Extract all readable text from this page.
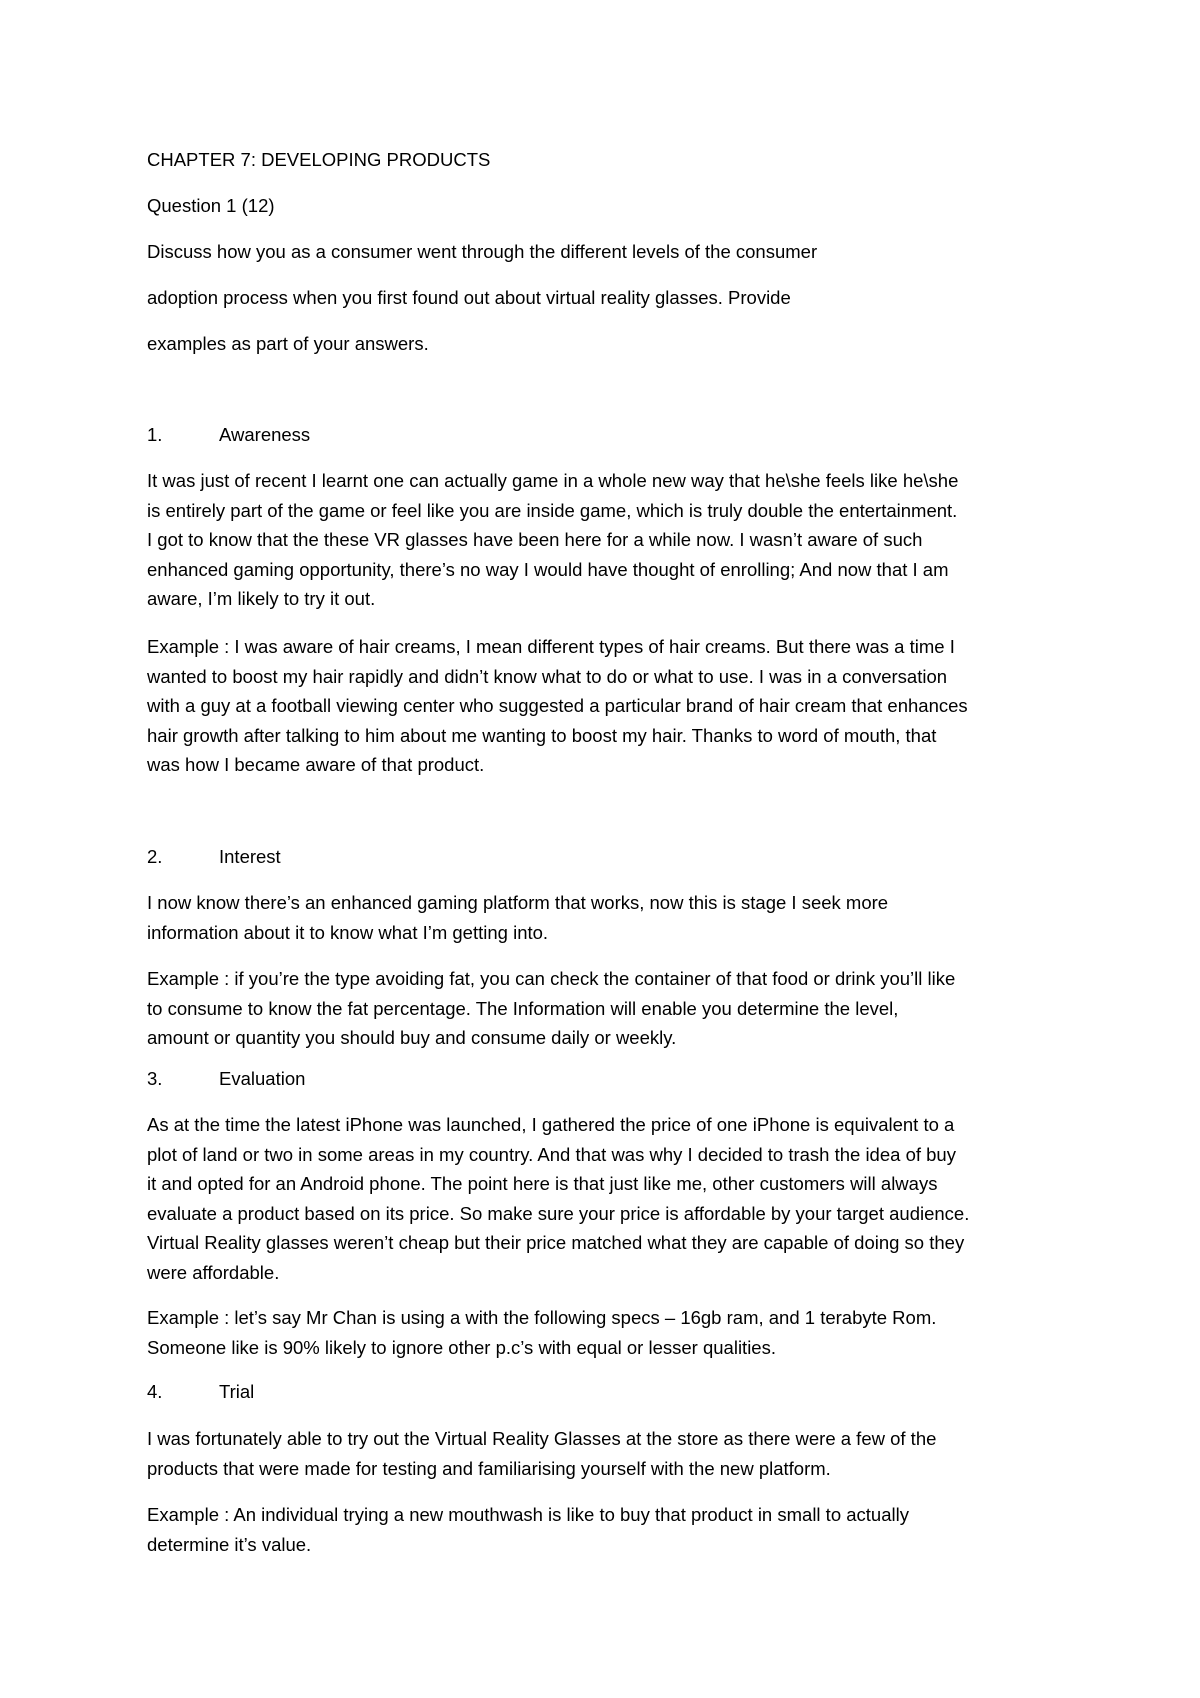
CHAPTER 7: DEVELOPING PRODUCTS
Question 1 (12)
Discuss how you as a consumer went through the different levels of the consumer
adoption process when you first found out about virtual reality glasses. Provide
examples as part of your answers.
1.	Awareness
It was just of recent I learnt one can actually game in a whole new way that he\she feels like he\she
is entirely part of the game or feel like you are inside game, which is truly double the entertainment.
I got to know that the these VR glasses have been here for a while now. I wasn’t aware of such
enhanced gaming opportunity, there’s no way I would have thought of enrolling; And now that I am
aware, I’m likely to try it out.
Example : I was aware of hair creams, I mean different types of hair creams. But there was a time I
wanted to boost my hair rapidly and didn’t know what to do or what to use. I was in a conversation
with a guy at a football viewing center who suggested a particular brand of hair cream that enhances
hair growth after talking to him about me wanting to boost my hair. Thanks to word of mouth, that
was how I became aware of that product.
2.	Interest
I now know there’s an enhanced gaming platform that works, now this is stage I seek more
information about it to know what I’m getting into.
Example : if you’re the type avoiding fat, you can check the container of that food or drink you’ll like
to consume to know the fat percentage. The Information will enable you determine the level,
amount or quantity you should buy and consume daily or weekly.
3.	Evaluation
As at the time the latest iPhone was launched, I gathered the price of one iPhone is equivalent to a
plot of land or two in some areas in my country. And that was why I decided to trash the idea of buy
it and opted for an Android phone. The point here is that just like me, other customers will always
evaluate a product based on its price. So make sure your price is affordable by your target audience.
Virtual Reality glasses weren’t cheap but their price matched what they are capable of doing so they
were affordable.
Example : let’s say Mr Chan is using a with the following specs – 16gb ram, and 1 terabyte Rom.
Someone like is 90% likely to ignore other p.c’s with equal or lesser qualities.
4.	Trial
I was fortunately able to try out the Virtual Reality Glasses at the store as there were a few of the
products that were made for testing and familiarising yourself with the new platform.
Example : An individual trying a new mouthwash is like to buy that product in small to actually
determine it’s value.
